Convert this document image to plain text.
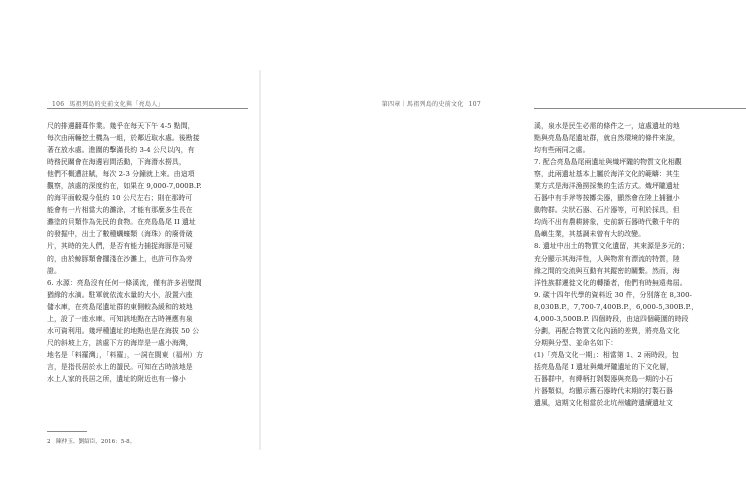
106 馬祖列島的史前文化與「亮島人」
尺的排邊翻葺作業。幾乎在每天下午 4-5 點間，
每次由兩輛挖土機為一組，於鄰近取水處。後勘接
著在放水處。進圍的擊滿長約 3-4 公尺以內，有
時務民關會在海邊岩間活動，下海潛水撈具，
他們不概遭註賦，每次 2-3 分鐘就上來。由這項
觀察，該處的深度約在，如果在 9,000-7,000B.P.
的海平面較現今低約 10 公尺左右；則在那時可
能會有一片相當大的灘涂，才能有那麼多生長在
灘塗的貝類作為先民的食物。在亮島島尾 II 遺址
的發掘中，出土了數種蠣蠔類（海珠）的廢骨破
片，其時的先人們，是否有能力捕捉海豚是可疑
的，由於鯨豚類會擱淺在沙灘上，也許可作為旁
證。
6. 水源：亮島沒有任何一條溪流，僅有許多岩壁間
猶緣的水滴。駐軍就依流水量的大小，設置六座
儲水庫，在亮島尾遺址群的東側較為緩和的坡地
上，設了一座水庫。可知該地點在古時裡應有泉
水可資利用。幾坪種遺址的地點也是在海拔 50 公
尺的斜坡上方，該處下方的海岸是一處小海灣，
地名是「料羅灣」，「料羅」，一詞在閩東（福州）方
言，是指長居於水上的蜑民。可知在古時該地是
水上人家的長居之所，遺址的附近也有一條小
2　陳仲玉、劉紹臣，2016：5-8。
第四章｜馬祖列島的史前文化 107
溪，泉水是民生必需的條件之一，這處遺址的地
點與亮島島尾遺址群，就自然環境的條件來說，
均有些兩同之處。
7. 配合亮島島尾兩遺址與熾坪隴的物質文化相觀
察，此兩遺址基本上屬於海洋文化的範疇：其生
業方式是海洋漁撈採集的生活方式。熾坪隴遺址
石器中有手斧等按擲尖器，顯然會在陸上捕獵小
動物群。尖狀石器、石片器等，可利於採具，但
均尚不出有農耕跡象，史前新石器時代數千年的
島嶼生業，其基調未曾有大的改變。
8. 遺址中出土的物質文化遺留，其來源是多元的；
充分顯示其海洋性，人與物常有漂流的特質，陸
緣之間的交流與互動有其蹤密的關繫。然而，海
洋性族群遷徙文化的轉播者，他們有時無遠弗屆。
9. 碳十四年代學的資料近 30 件，分別落在 8,300-
8,030B.P.，7,700-7,400B.P.，6,000-5,300B.P.，
4,000-3,500B.P. 四個時段，由這四個範圍的時段
分劃，再配合物質文化內涵的差異，將亮島文化
分期與分型、並命名如下：
(1)「亮島文化一期」：相當第 1、2 兩時段，包
括亮島島尾 I 遺址與熾坪隴遺址的下文化層，
石器群中，有縛柄打剝製器與亮島一期的小石
片器類似，均顯示舊石器時代末期的打製石器
遺風，這期文化相當於北坑州爐跨遺續遺址文
